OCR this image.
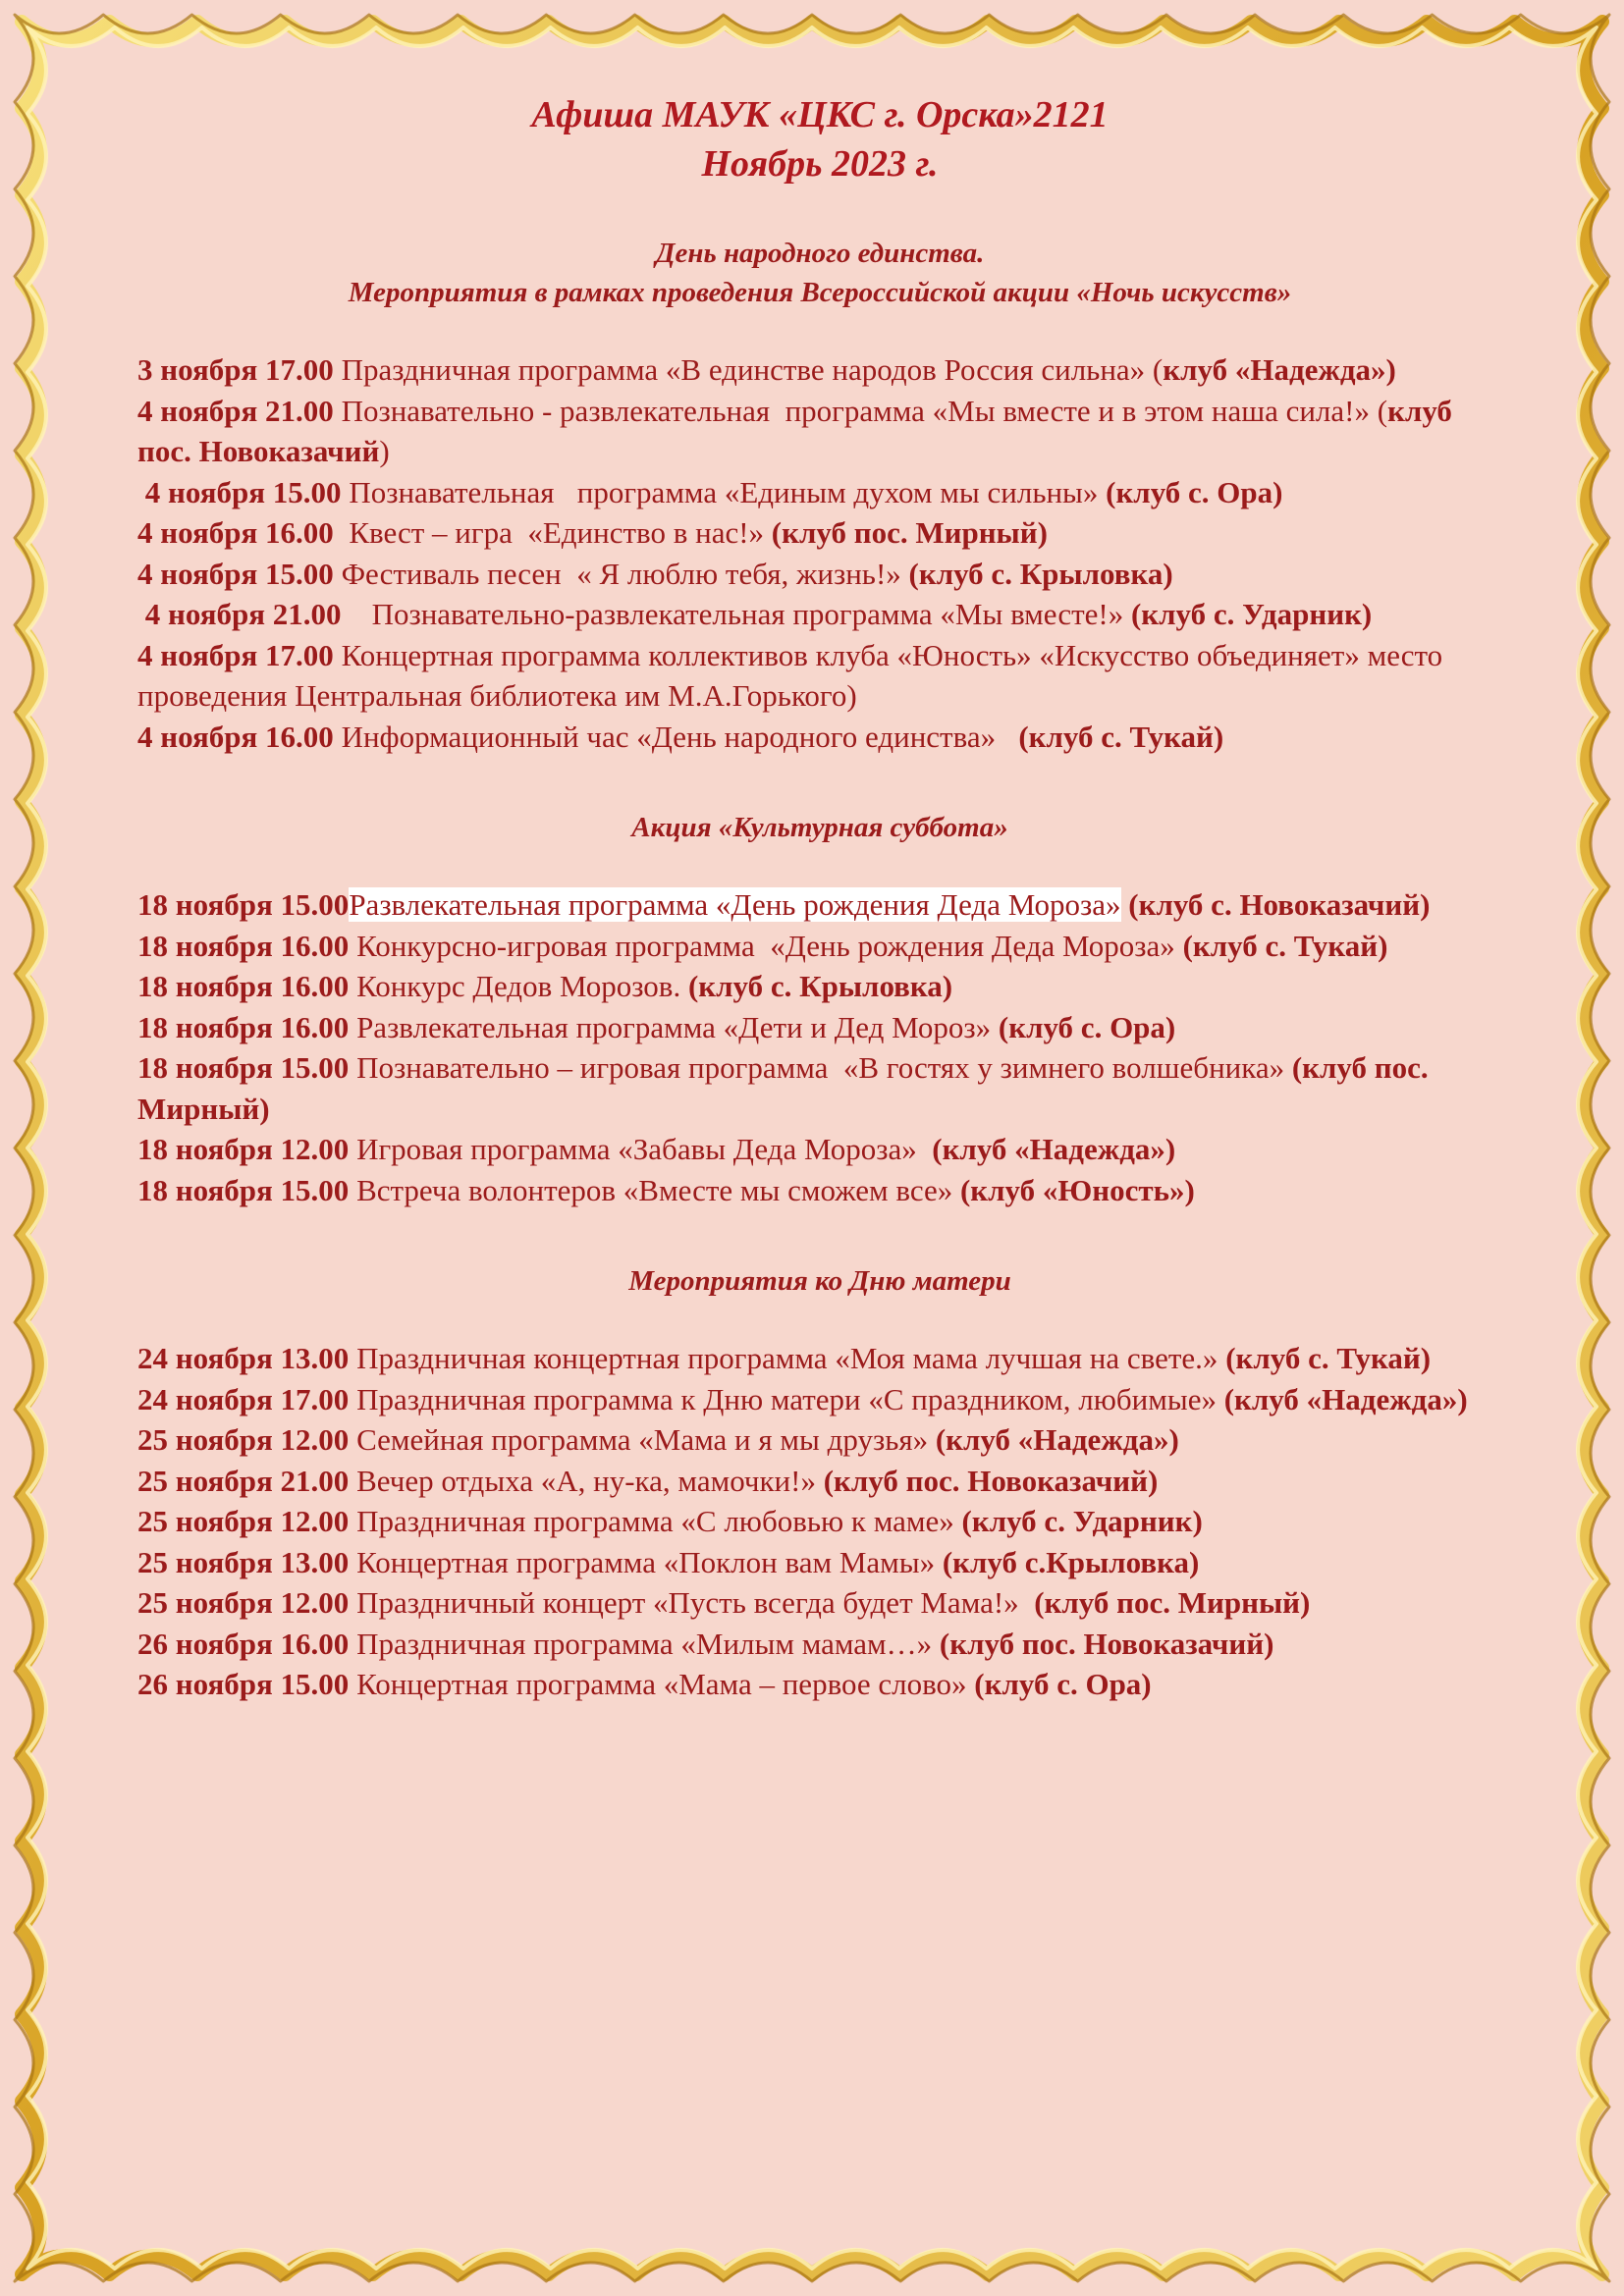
Афиша МАУК «ЦКС г. Орска»2121

Ноябрь 2023 г.

День народного единства.

Мероприятия в рамках проведения Всероссийской акции «Ночь искусств»

3 ноября 17.00 Праздничная программа «В единстве народов Россия сильна» (клуб «Надежда»)
4 ноября 21.00 Познавательно - развлекательная  программа «Мы вместе и в этом наша сила!» (клуб пос. Новоказачий)
4 ноября 15.00 Познавательная   программа «Единым духом мы сильны» (клуб с. Ора)
4 ноября 16.00  Квест – игра  «Единство в нас!» (клуб пос. Мирный)
4 ноября 15.00 Фестиваль песен  « Я люблю тебя, жизнь!» (клуб с. Крыловка)
4 ноября 21.00    Познавательно-развлекательная программа «Мы вместе!» (клуб с. Ударник)
4 ноября 17.00 Концертная программа коллективов клуба «Юность» «Искусство объединяет» место проведения Центральная библиотека им М.А.Горького)
4 ноября 16.00 Информационный час «День народного единства»   (клуб с. Тукай)

Акция «Культурная суббота»

18 ноября 15.00Развлекательная программа «День рождения Деда Мороза» (клуб с. Новоказачий)
18 ноября 16.00 Конкурсно-игровая программа  «День рождения Деда Мороза» (клуб с. Тукай)
18 ноября 16.00 Конкурс Дедов Морозов. (клуб с. Крыловка)
18 ноября 16.00 Развлекательная программа «Дети и Дед Мороз» (клуб с. Ора)
18 ноября 15.00 Познавательно – игровая программа  «В гостях у зимнего волшебника» (клуб пос. Мирный)
18 ноября 12.00 Игровая программа «Забавы Деда Мороза»  (клуб «Надежда»)
18 ноября 15.00 Встреча волонтеров «Вместе мы сможем все» (клуб «Юность»)

Мероприятия ко Дню матери

24 ноября 13.00 Праздничная концертная программа «Моя мама лучшая на свете.» (клуб с. Тукай)
24 ноября 17.00 Праздничная программа к Дню матери «С праздником, любимые» (клуб «Надежда»)
25 ноября 12.00 Семейная программа «Мама и я мы друзья» (клуб «Надежда»)
25 ноября 21.00 Вечер отдыха «А, ну-ка, мамочки!» (клуб пос. Новоказачий)
25 ноября 12.00 Праздничная программа «С любовью к маме» (клуб с. Ударник)
25 ноября 13.00 Концертная программа «Поклон вам Мамы» (клуб с.Крыловка)
25 ноября 12.00 Праздничный концерт «Пусть всегда будет Мама!»  (клуб пос. Мирный)
26 ноября 16.00 Праздничная программа «Милым мамам…» (клуб пос. Новоказачий)
26 ноября 15.00 Концертная программа «Мама – первое слово» (клуб с. Ора)
